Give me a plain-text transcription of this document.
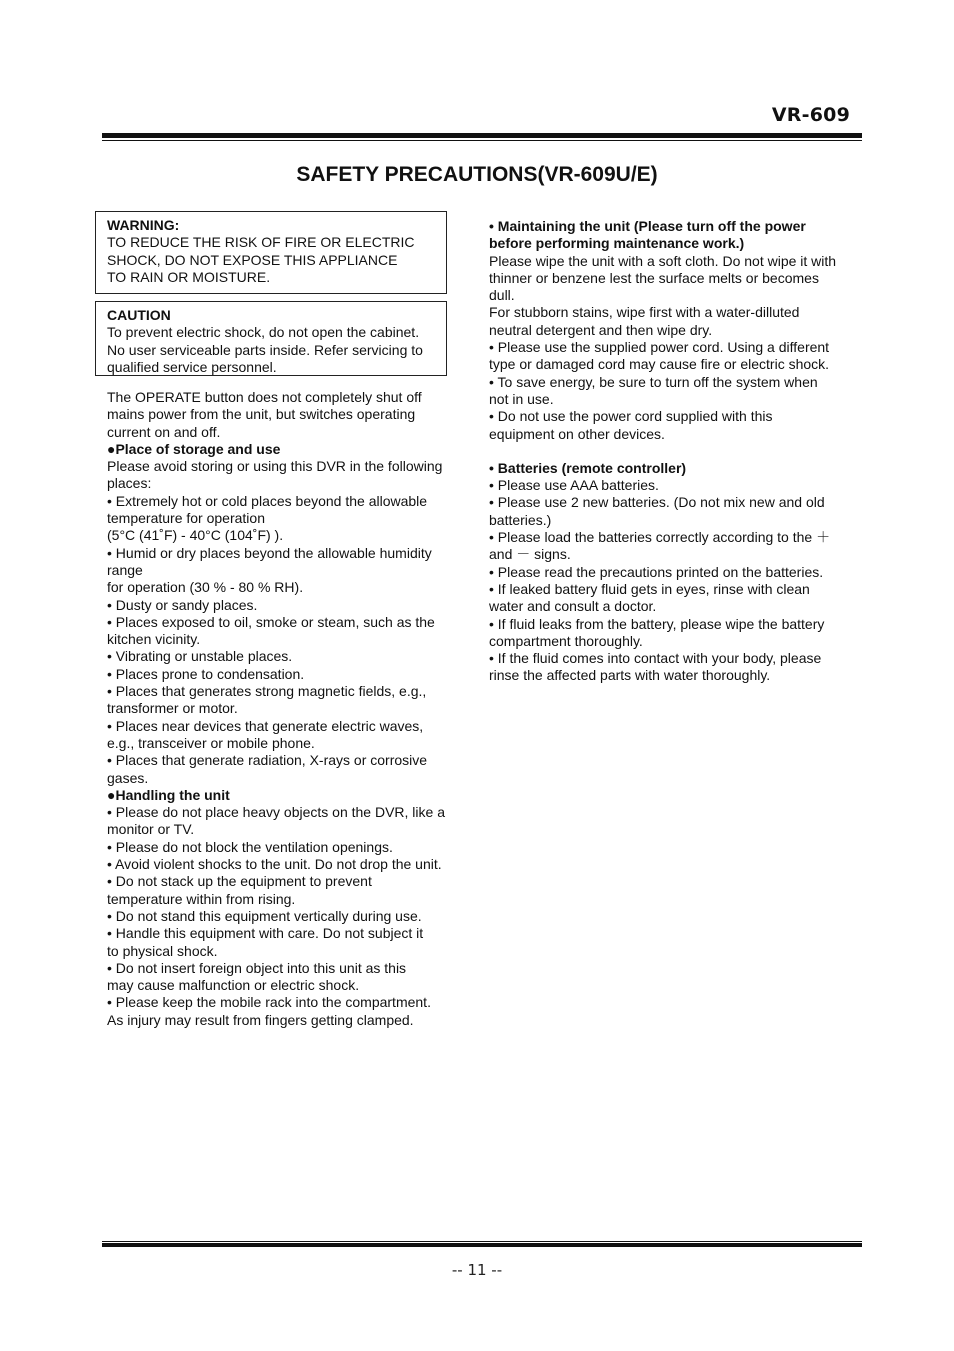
VR-609
SAFETY PRECAUTIONS(VR-609U/E)
WARNING:
TO REDUCE THE RISK OF FIRE OR ELECTRIC
SHOCK, DO NOT EXPOSE THIS APPLIANCE
TO RAIN OR MOISTURE.
CAUTION
To prevent electric shock, do not open the cabinet.
No user serviceable parts inside. Refer servicing to
qualified service personnel.

The OPERATE button does not completely shut off
mains power from the unit, but switches operating
current on and off.

●Place of storage and use

Please avoid storing or using this DVR in the following
places:
• Extremely hot or cold places beyond the allowable
temperature for operation
(5°C (41˚F) - 40°C (104˚F) ).
• Humid or dry places beyond the allowable humidity
range
for operation (30 % - 80 % RH).
• Dusty or sandy places.
• Places exposed to oil, smoke or steam, such as the
kitchen vicinity.
• Vibrating or unstable places.
• Places prone to condensation.
• Places that generates strong magnetic fields, e.g.,
transformer or motor.
• Places near devices that generate electric waves,
e.g., transceiver or mobile phone.
• Places that generate radiation, X-rays or corrosive
gases.

●Handling the unit

• Please do not place heavy objects on the DVR, like a
monitor or TV.
• Please do not block the ventilation openings.
• Avoid violent shocks to the unit. Do not drop the unit.
• Do not stack up the equipment to prevent
temperature within from rising.
• Do not stand this equipment vertically during use.
• Handle this equipment with care. Do not subject it
to physical shock.
• Do not insert foreign object into this unit as this
may cause malfunction or electric shock.
• Please keep the mobile rack into the compartment.
As injury may result from fingers getting clamped.

• Maintaining the unit (Please turn off the power
before performing maintenance work.)

Please wipe the unit with a soft cloth. Do not wipe it with
thinner or benzene lest the surface melts or becomes
dull.
For stubborn stains, wipe first with a water-dilluted
neutral detergent and then wipe dry.
• Please use the supplied power cord. Using a different
type or damaged cord may cause fire or electric shock.
• To save energy, be sure to turn off the system when
not in use.
• Do not use the power cord supplied with this
equipment on other devices.

• Batteries (remote controller)

• Please use AAA batteries.
• Please use 2 new batteries. (Do not mix new and old
batteries.)
• Please load the batteries correctly according to the ＋
and － signs.
• Please read the precautions printed on the batteries.
• If leaked battery fluid gets in eyes, rinse with clean
water and consult a doctor.
• If fluid leaks from the battery, please wipe the battery
compartment thoroughly.
• If the fluid comes into contact with your body, please
rinse the affected parts with water thoroughly.

-- 11 --
